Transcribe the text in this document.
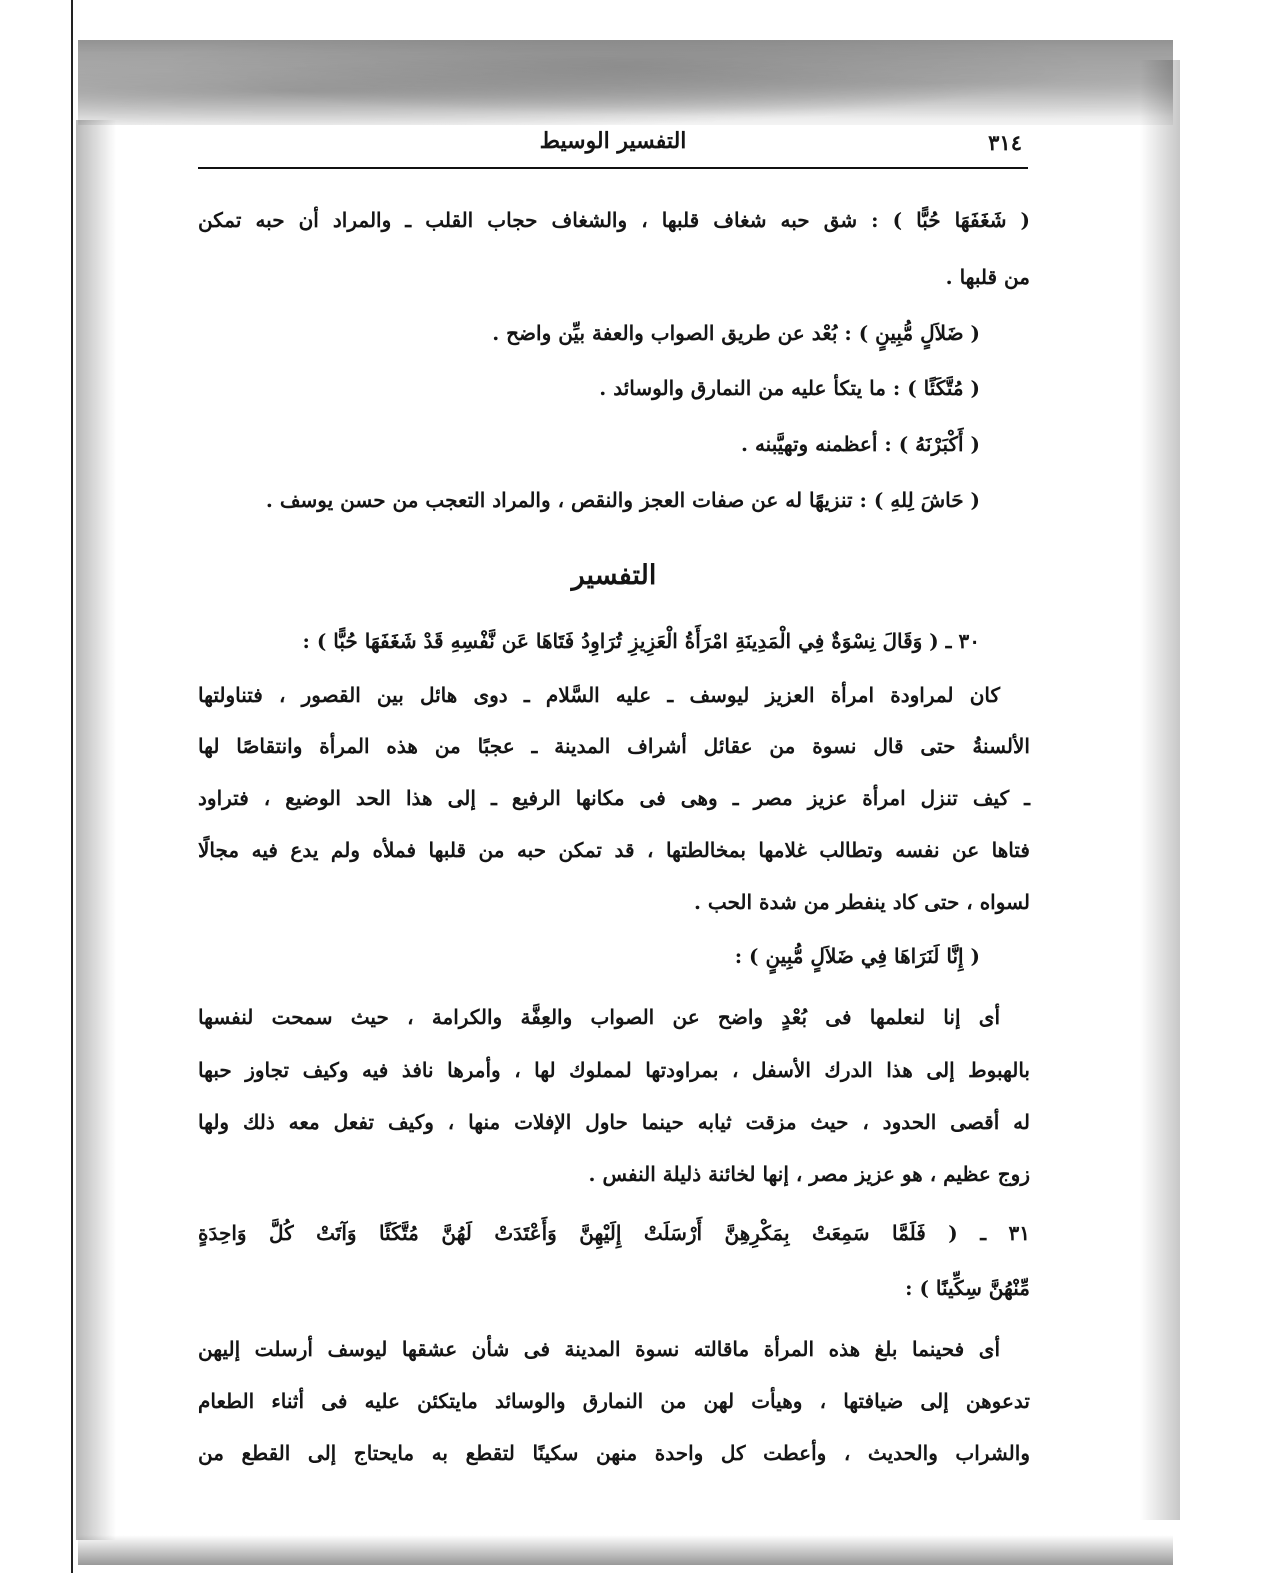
التفسير الوسيط	٣١٤
( شَغَفَهَا حُبًّا ) : شق حبه شغاف قلبها ، والشغاف حجاب القلب ـ والمراد أن حبه تمكن
من قلبها .
( ضَلاَلٍ مُّبِينٍ ) : بُعْد عن طريق الصواب والعفة بيِّن واضح .
( مُتَّكَئًا ) : ما يتكأ عليه من النمارق والوسائد .
( أَكْبَرْنَهُ ) : أعظمنه وتهيَّبنه .
( حَاشَ لِلهِ ) : تنزيهًا له عن صفات العجز والنقص ، والمراد التعجب من حسن يوسف .
التفسير
٣٠ ـ ( وَقَالَ نِسْوَةٌ فِي الْمَدِينَةِ امْرَأَةُ الْعَزِيزِ تُرَاوِدُ فَتَاهَا عَن نَّفْسِهِ قَدْ شَغَفَهَا حُبًّا ) :
كان لمراودة امرأة العزيز ليوسف ـ عليه السَّلام ـ دوى هائل بين القصور ، فتناولتها
الألسنةُ حتى قال نسوة من عقائل أشراف المدينة ـ عجبًا من هذه المرأة وانتقاصًا لها
ـ كيف تنزل امرأة عزيز مصر ـ وهى فى مكانها الرفيع ـ إلى هذا الحد الوضيع ، فتراود
فتاها عن نفسه وتطالب غلامها بمخالطتها ، قد تمكن حبه من قلبها فملأه ولم يدع فيه مجالًا
لسواه ، حتى كاد ينفطر من شدة الحب .
( إِنَّا لَنَرَاهَا فِي ضَلاَلٍ مُّبِينٍ ) :
أى إنا لنعلمها فى بُعْدٍ واضح عن الصواب والعِفَّة والكرامة ، حيث سمحت لنفسها
بالهبوط إلى هذا الدرك الأسفل ، بمراودتها لمملوك لها ، وأمرها نافذ فيه وكيف تجاوز حبها
له أقصى الحدود ، حيث مزقت ثيابه حينما حاول الإفلات منها ، وكيف تفعل معه ذلك ولها
زوج عظيم ، هو عزيز مصر ، إنها لخائنة ذليلة النفس .
٣١ ـ ( فَلَمَّا سَمِعَتْ بِمَكْرِهِنَّ أَرْسَلَتْ إِلَيْهِنَّ وَأَعْتَدَتْ لَهُنَّ مُتَّكَئًا وَآتَتْ كُلَّ وَاحِدَةٍ
مِّنْهُنَّ سِكِّينًا ) :
أى فحينما بلغ هذه المرأة ماقالته نسوة المدينة فى شأن عشقها ليوسف أرسلت إليهن
تدعوهن إلى ضيافتها ، وهيأت لهن من النمارق والوسائد مايتكئن عليه فى أثناء الطعام
والشراب والحديث ، وأعطت كل واحدة منهن سكينًا لتقطع به مايحتاج إلى القطع من
